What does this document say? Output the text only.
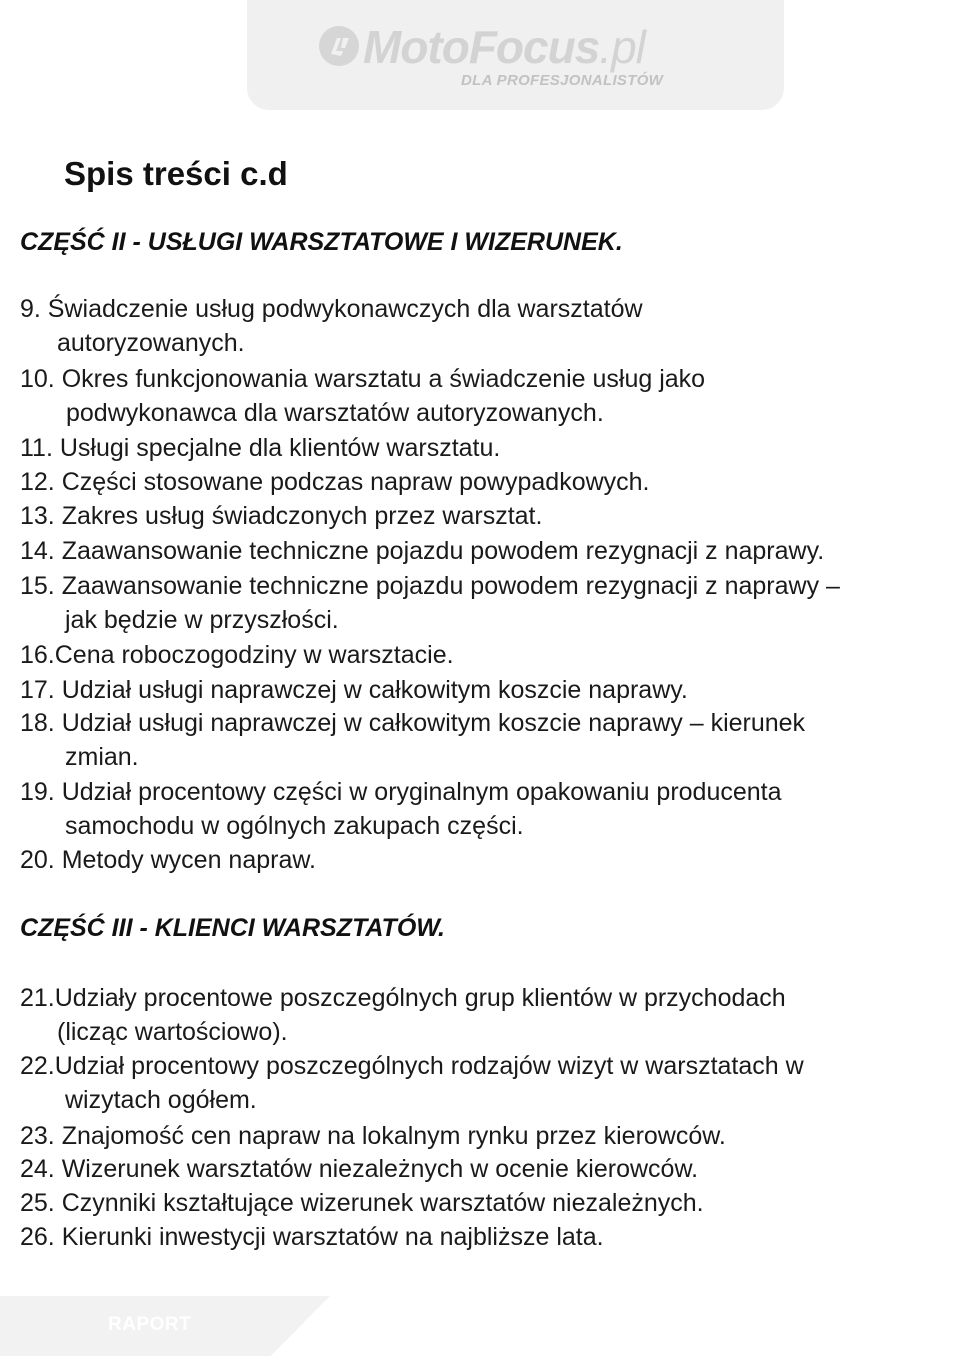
MotoFocus.pl
DLA PROFESJONALISTÓW
Spis treści c.d
CZĘŚĆ II - USŁUGI WARSZTATOWE I WIZERUNEK.
9. Świadczenie usług podwykonawczych dla warsztatów
autoryzowanych.
10. Okres funkcjonowania warsztatu a świadczenie usług jako
podwykonawca dla warsztatów autoryzowanych.
11. Usługi specjalne dla klientów warsztatu.
12. Części stosowane podczas napraw powypadkowych.
13. Zakres usług świadczonych przez warsztat.
14. Zaawansowanie techniczne pojazdu powodem rezygnacji z naprawy.
15. Zaawansowanie techniczne pojazdu powodem rezygnacji z naprawy –
jak będzie w przyszłości.
16.Cena roboczogodziny w warsztacie.
17. Udział usługi naprawczej w całkowitym koszcie naprawy.
18. Udział usługi naprawczej w całkowitym koszcie naprawy – kierunek
zmian.
19. Udział procentowy części w oryginalnym opakowaniu producenta
samochodu w ogólnych zakupach części.
20. Metody wycen napraw.
CZĘŚĆ III - KLIENCI WARSZTATÓW.
21.Udziały procentowe poszczególnych grup klientów w przychodach
(licząc wartościowo).
22.Udział procentowy poszczególnych rodzajów wizyt w warsztatach w
wizytach ogółem.
23. Znajomość cen napraw na lokalnym rynku przez kierowców.
24. Wizerunek warsztatów niezależnych w ocenie kierowców.
25. Czynniki kształtujące wizerunek warsztatów niezależnych.
26. Kierunki inwestycji warsztatów na najbliższe lata.
RAPORT
